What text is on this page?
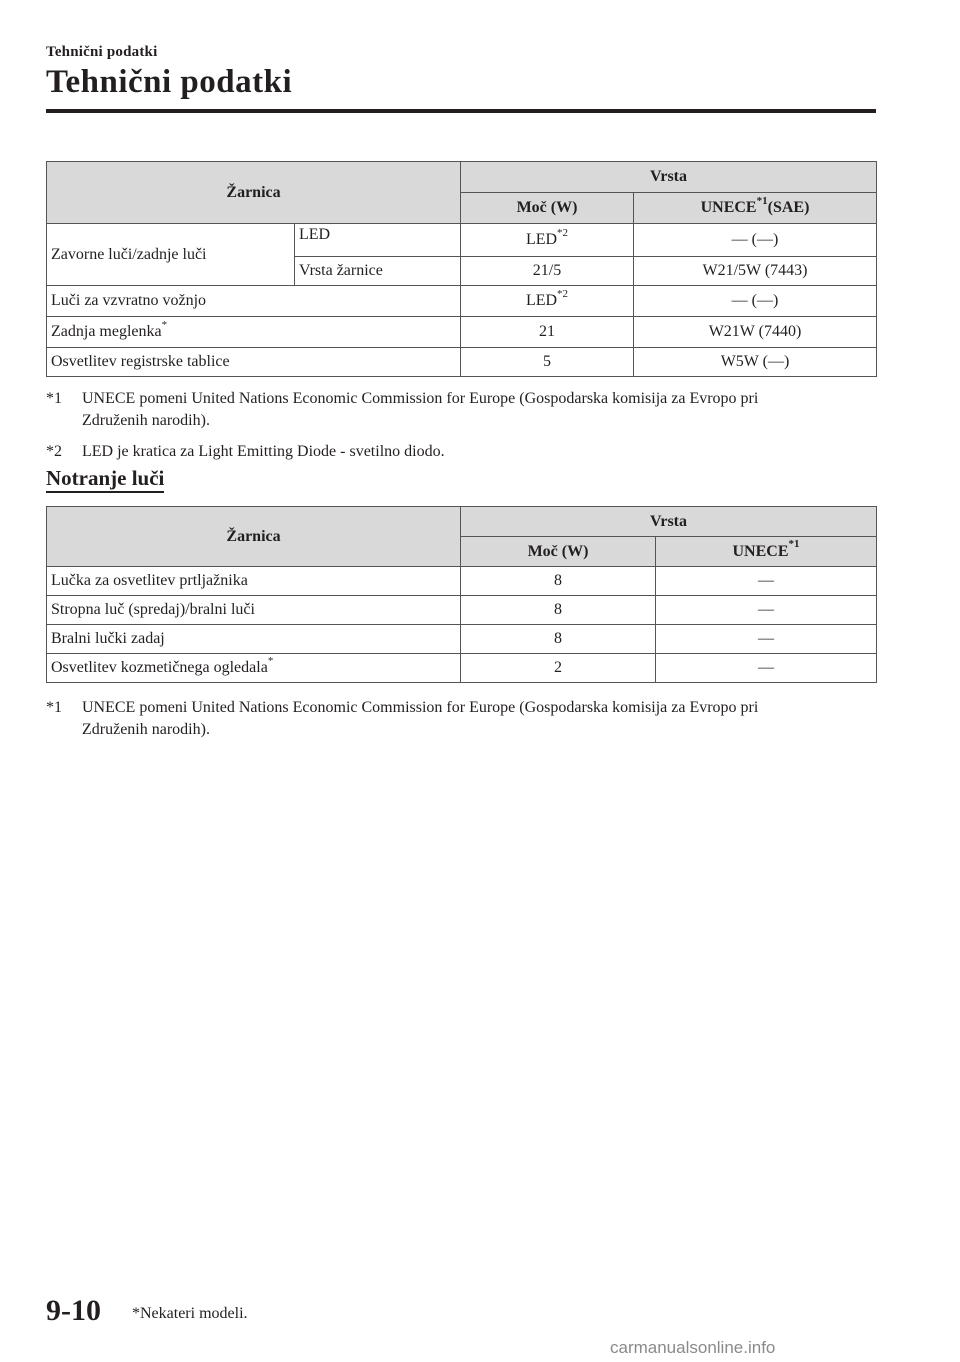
Tehnični podatki
Tehnični podatki
Žarnica		Vrsta	
		Moč (W)	UNECE$^{*1}$(SAE)
Zavorne luči/zadnje luči	LED	LED$^{*2}$	— (—)
	Vrsta žarnice	21/5	W21/5W (7443)
Luči za vzvratno vožnjo		LED$^{*2}$	— (—)
Zadnja meglenka*		21	W21W (7440)
Osvetlitev registrske tablice		5	W5W (—)
*1 UNECE pomeni United Nations Economic Commission for Europe (Gospodarska komisija za Evropo pri
Združenih narodih).
*2 LED je kratica za Light Emitting Diode - svetilno diodo.
Notranje luči
Žarnica	Vrsta	
	Moč (W)	UNECE$^{*1}$
Lučka za osvetlitev prtljažnika	8	—
Stropna luč (spredaj)/bralni luči	8	—
Bralni lučki zadaj	8	—
Osvetlitev kozmetičnega ogledala*	2	—
*1 UNECE pomeni United Nations Economic Commission for Europe (Gospodarska komisija za Evropo pri
Združenih narodih).
9-10 *Nekateri modeli.
carmanualsonline.info
